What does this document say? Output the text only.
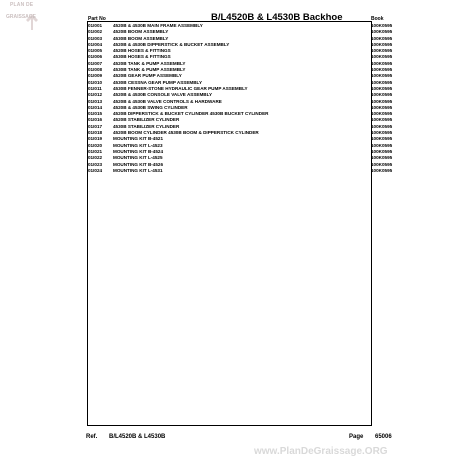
PLAN DE
GRAISSAGE	B/L4520B & L4530B Backhoe
Part No	Book
01I001 4520B & 4530B MAIN FRAME ASSEMBLY	100K0595
01I002 4520B BOOM ASSEMBLY	100K0595
01I003 4530B BOOM ASSEMBLY	100K0595
01I004 4520B & 4530B DIPPERSTICK & BUCKET ASSEMBLY	100K0595
01I005 4520B HOSES & FITTINGS	100K0595
01I006 4530B HOSES & FITTINGS	100K0595
01I007 4520B TANK & PUMP ASSEMBLY	100K0595
01I008 4530B TANK & PUMP ASSEMBLY	100K0595
01I009 4520B GEAR PUMP ASSEMBLY	100K0595
01I010 4530B CESSNA GEAR PUMP ASSEMBLY	100K0595
01I011 4530B FENNER-STONE HYDRAULIC GEAR PUMP ASSEMBLY	100K0595
01I012 4520B & 4530B CONSOLE VALVE ASSEMBLY	100K0595
01I013 4520B & 4530B VALVE CONTROLS & HARDWARE	100K0595
01I014 4520B & 4530B SWING CYLINDER	100K0595
01I015 4520B DIPPERSTICK & BUCKET CYLINDER 4530B BUCKET CYLINDER	100K0595
01I016 4520B STABILIZER CYLINDER	100K0595
01I017 4530B STABILIZER CYLINDER	100K0595
01I018 4520B BOOM CYLINDER 4530B BOOM & DIPPERSTICK CYLINDER	100K0595
01I019 MOUNTING KIT B-4521	100K0595
01I020 MOUNTING KIT L-4523	100K0595
01I021 MOUNTING KIT B-4524	100K0595
01I022 MOUNTING KIT L-4525	100K0595
01I023 MOUNTING KIT B-4526	100K0595
01I024 MOUNTING KIT L-4531	100K0595
Ref. B/L4520B & L4530B	Page 65006
www.PlanDeGraissage.ORG
